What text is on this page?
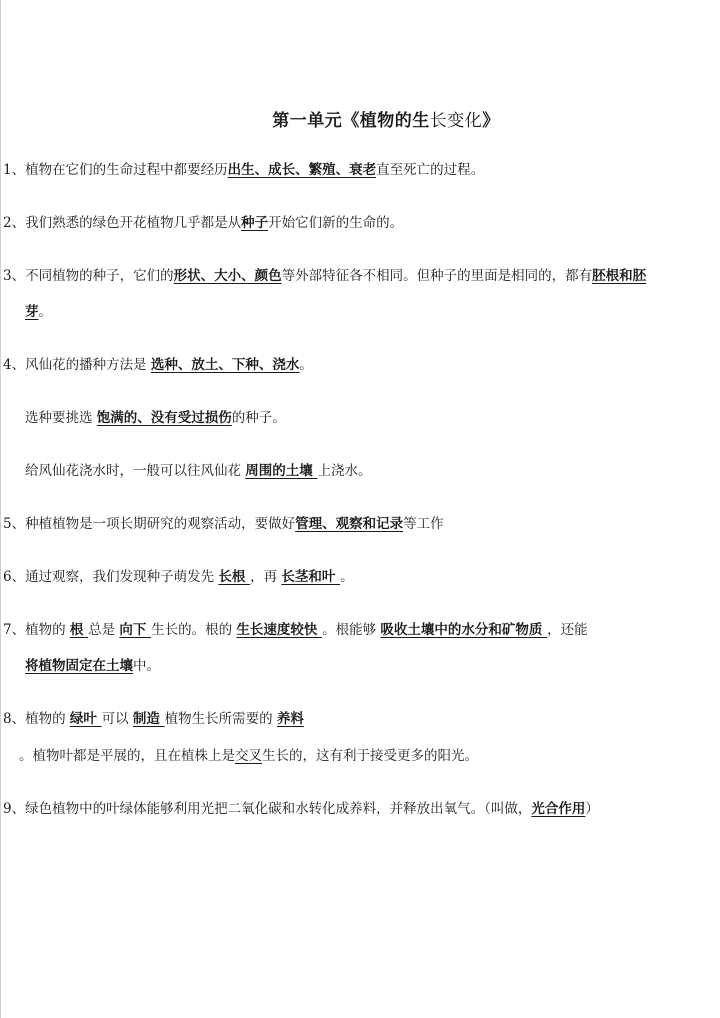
第一单元《植物的生长变化》
1、植物在它们的生命过程中都要经历出生、成长、繁殖、衰老直至死亡的过程。
2、我们熟悉的绿色开花植物几乎都是从种子开始它们新的生命的。
3、不同植物的种子，它们的形状、大小、颜色等外部特征各不相同。但种子的里面是相同的，都有胚根和胚
芽。
4、风仙花的播种方法是 选种、放土、下种、浇水。
选种要挑选 饱满的、没有受过损伤的种子。
给风仙花浇水时，一般可以往风仙花 周围的土壤 上浇水。
5、种植植物是一项长期研究的观察活动，要做好管理、观察和记录等工作
6、通过观察，我们发现种子萌发先 长根 ，再 长茎和叶 。
7、植物的 根 总是 向下 生长的。根的 生长速度较快 。根能够 吸收土壤中的水分和矿物质 ，还能
将植物固定在土壤中。
8、植物的 绿叶 可以 制造 植物生长所需要的 养料
。植物叶都是平展的，且在植株上是交叉生长的，这有利于接受更多的阳光。
9、绿色植物中的叶绿体能够利用光把二氧化碳和水转化成养料，并释放出氧气。（叫做，光合作用）
